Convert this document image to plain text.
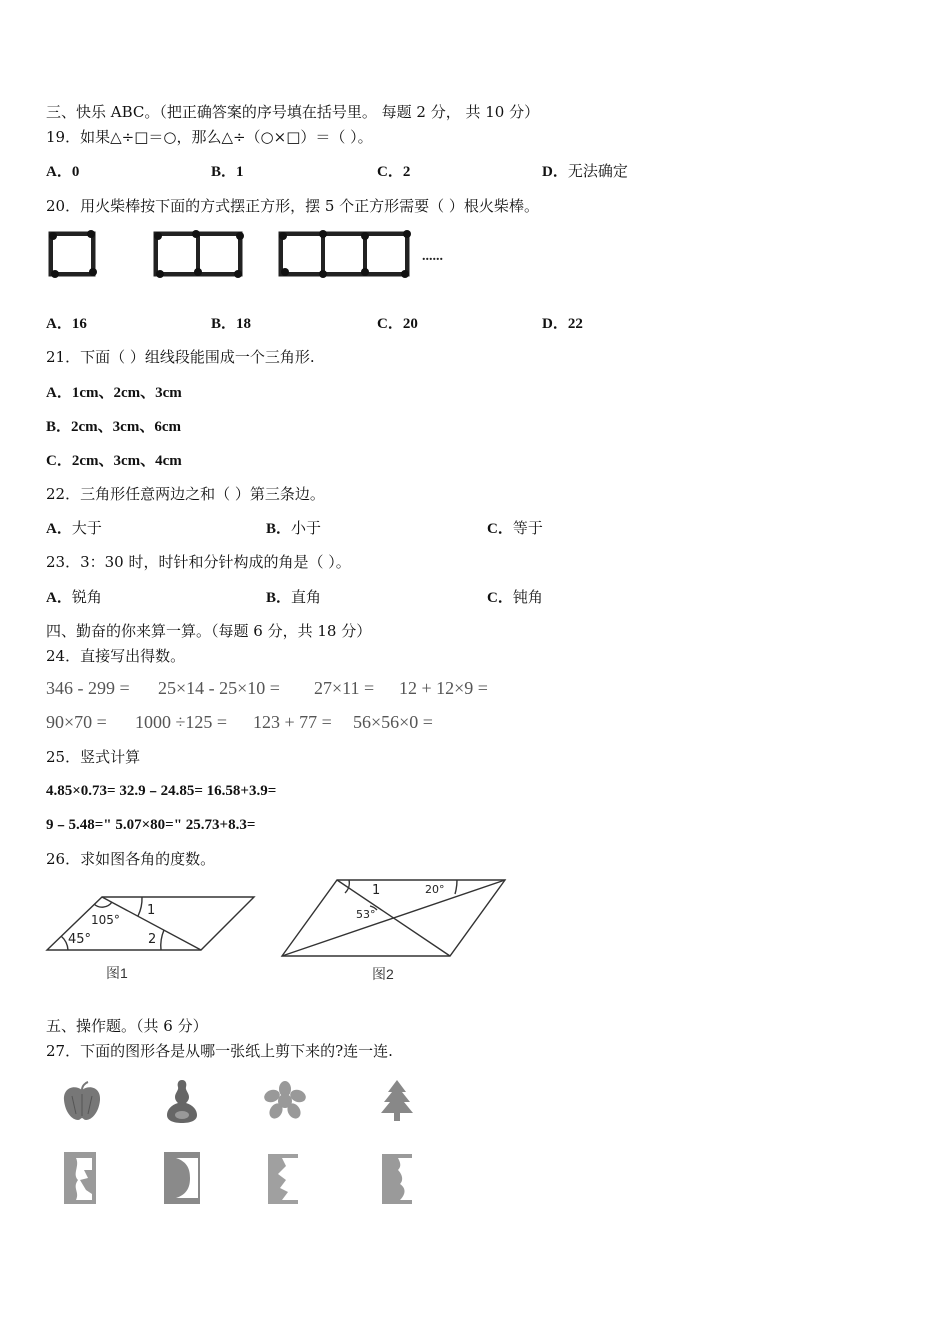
三、快乐 ABC。（把正确答案的序号填在括号里。 每题 2 分， 共 10 分）
19．如果△÷□＝○，那么△÷（○×□）＝（ ）。
A．0	B．1	C．2	D．无法确定
20．用火柴棒按下面的方式摆正方形，摆 5 个正方形需要（ ）根火柴棒。
......
A．16	B．18	C．20	D．22
21．下面（ ）组线段能围成一个三角形.
A．1cm、2cm、3cm
B．2cm、3cm、6cm
C．2cm、3cm、4cm
22．三角形任意两边之和（ ）第三条边。
A．大于	B．小于	C．等于
23．3：30 时，时针和分针构成的角是（ ）。
A．锐角	B．直角	C．钝角
四、勤奋的你来算一算。（每题 6 分，共 18 分）
24．直接写出得数。
346 - 299 = 25×14 - 25×10 = 27×11 = 12 + 12×9 =
90×70 = 1000 ÷125 = 123 + 77 = 56×56×0 =
25．竖式计算
4.85×0.73= 32.9﹣24.85= 16.58+3.9=
9﹣5.48=" 5.07×80=" 25.73+8.3=
26．求如图各角的度数。
105°
45°
1
2
图1
1	20°
53°
图2
五、操作题。（共 6 分）
27．下面的图形各是从哪一张纸上剪下来的?连一连.
